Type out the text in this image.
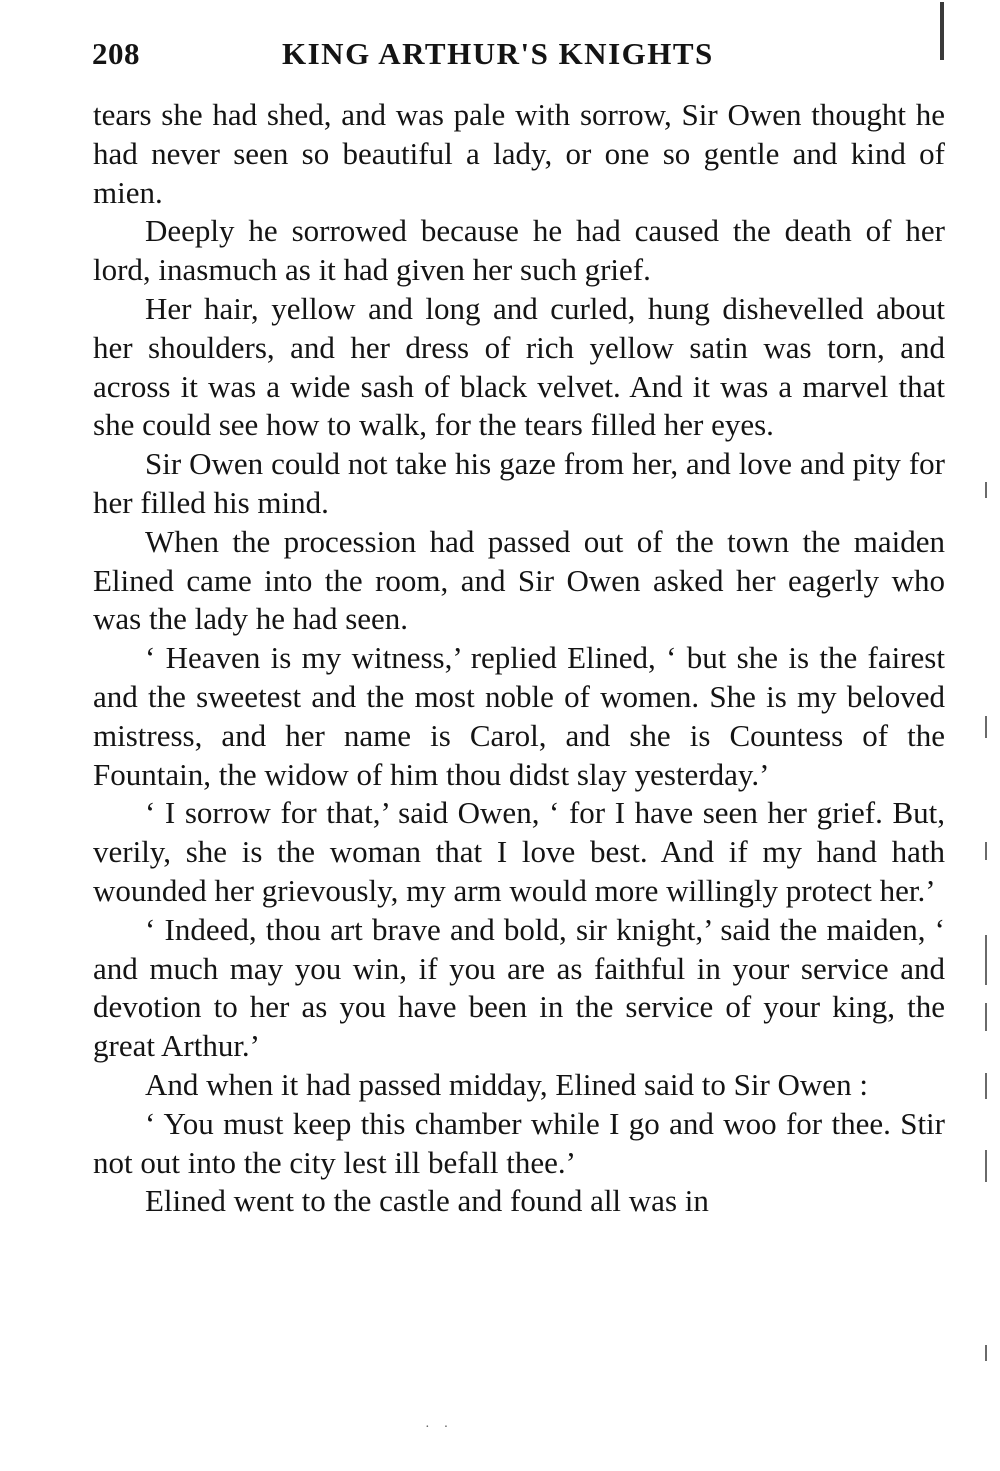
208	KING ARTHUR'S KNIGHTS

tears she had shed, and was pale with sorrow, Sir Owen thought he had never seen so beautiful a lady, or one so gentle and kind of mien.

Deeply he sorrowed because he had caused the death of her lord, inasmuch as it had given her such grief.

Her hair, yellow and long and curled, hung dishevelled about her shoulders, and her dress of rich yellow satin was torn, and across it was a wide sash of black velvet. And it was a marvel that she could see how to walk, for the tears filled her eyes.

Sir Owen could not take his gaze from her, and love and pity for her filled his mind.

When the procession had passed out of the town the maiden Elined came into the room, and Sir Owen asked her eagerly who was the lady he had seen.

‘ Heaven is my witness,’ replied Elined, ‘ but she is the fairest and the sweetest and the most noble of women. She is my beloved mistress, and her name is Carol, and she is Countess of the Fountain, the widow of him thou didst slay yesterday.’

‘ I sorrow for that,’ said Owen, ‘ for I have seen her grief. But, verily, she is the woman that I love best. And if my hand hath wounded her grievously, my arm would more willingly protect her.’

‘ Indeed, thou art brave and bold, sir knight,’ said the maiden, ‘ and much may you win, if you are as faithful in your service and devotion to her as you have been in the service of your king, the great Arthur.’

And when it had passed midday, Elined said to Sir Owen :

‘ You must keep this chamber while I go and woo for thee. Stir not out into the city lest ill befall thee.’

Elined went to the castle and found all was in

·    ·
